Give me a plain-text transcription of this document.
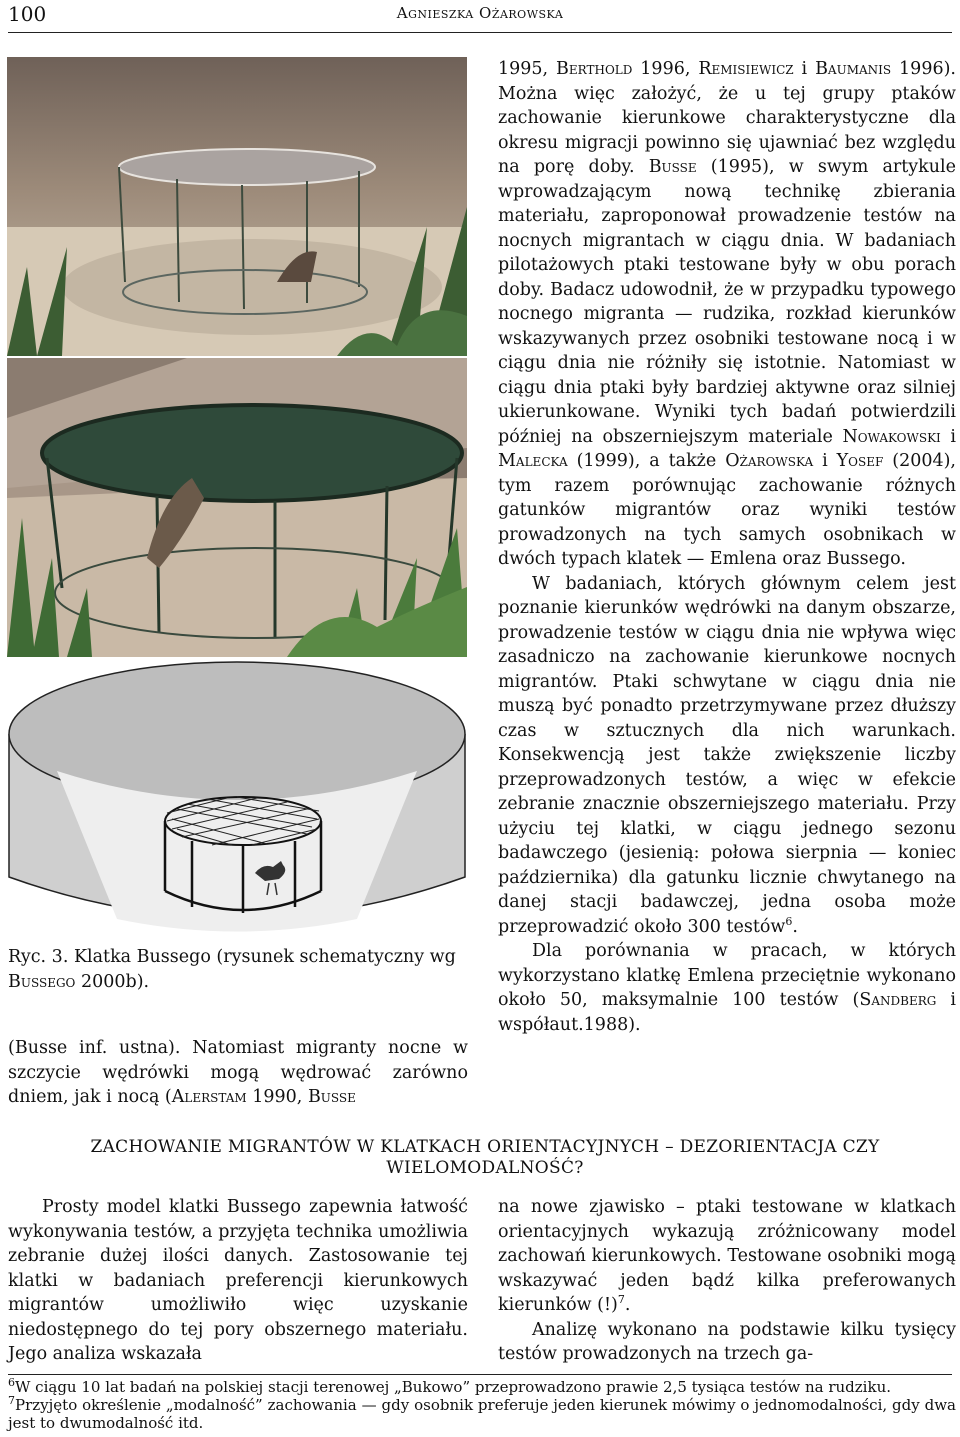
100	Agnieszka Ożarowska

1995, Berthold 1996, Remisiewicz i Baumanis 1996). Można więc założyć, że u tej grupy ptaków zachowanie kierunkowe charakterystyczne dla okresu migracji powinno się ujawniać bez względu na porę doby. Busse (1995), w swym artykule wprowadzającym nową technikę zbierania materiału, zaproponował prowadzenie testów na nocnych migrantach w ciągu dnia. W badaniach pilotażowych ptaki testowane były w obu porach doby. Badacz udowodnił, że w przypadku typowego nocnego migranta — rudzika, rozkład kierunków wskazywanych przez osobniki testowane nocą i w ciągu dnia nie różniły się istotnie. Natomiast w ciągu dnia ptaki były bardziej aktywne oraz silniej ukierunkowane. Wyniki tych badań potwierdzili później na obszerniejszym materiale Nowakowski i Malecka (1999), a także Ożarowska i Yosef (2004), tym razem porównując zachowanie różnych gatunków migrantów oraz wyniki testów prowadzonych na tych samych osobnikach w dwóch typach klatek — Emlena oraz Bussego.

W badaniach, których głównym celem jest poznanie kierunków wędrówki na danym obszarze, prowadzenie testów w ciągu dnia nie wpływa więc zasadniczo na zachowanie kierunkowe nocnych migrantów. Ptaki schwytane w ciągu dnia nie muszą być ponadto przetrzymywane przez dłuższy czas w sztucznych dla nich warunkach. Konsekwencją jest także zwiększenie liczby przeprowadzonych testów, a więc w efekcie zebranie znacznie obszerniejszego materiału. Przy użyciu tej klatki, w ciągu jednego sezonu badawczego (jesienią: połowa sierpnia — koniec października) dla gatunku licznie chwytanego na danej stacji badawczej, jedna osoba może przeprowadzić około 300 testów$^6$.

Dla porównania w pracach, w których wykorzystano klatkę Emlena przeciętnie wykonano około 50, maksymalnie 100 testów (Sandberg i współaut.1988).

Ryc. 3. Klatka Bussego (rysunek schematyczny wg Bussego 2000b).

(Busse inf. ustna). Natomiast migranty nocne w szczycie wędrówki mogą wędrować zarówno dniem, jak i nocą (Alerstam 1990, Busse

ZACHOWANIE MIGRANTÓW W KLATKACH ORIENTACYJNYCH – DEZORIENTACJA CZY WIELOMODALNOŚĆ?

Prosty model klatki Bussego zapewnia łatwość wykonywania testów, a przyjęta technika umożliwia zebranie dużej ilości danych. Zastosowanie tej klatki w badaniach preferencji kierunkowych migrantów umożliwiło więc uzyskanie niedostępnego do tej pory obszernego materiału. Jego analiza wskazała

na nowe zjawisko – ptaki testowane w klatkach orientacyjnych wykazują zróżnicowany model zachowań kierunkowych. Testowane osobniki mogą wskazywać jeden bądź kilka preferowanych kierunków (!)$^7$.

Analizę wykonano na podstawie kilku tysięcy testów prowadzonych na trzech ga-

$^6$W ciągu 10 lat badań na polskiej stacji terenowej „Bukowo” przeprowadzono prawie 2,5 tysiąca testów na rudziku.
$^7$Przyjęto określenie „modalność” zachowania — gdy osobnik preferuje jeden kierunek mówimy o jednomodalności, gdy dwa jest to dwumodalność itd.
